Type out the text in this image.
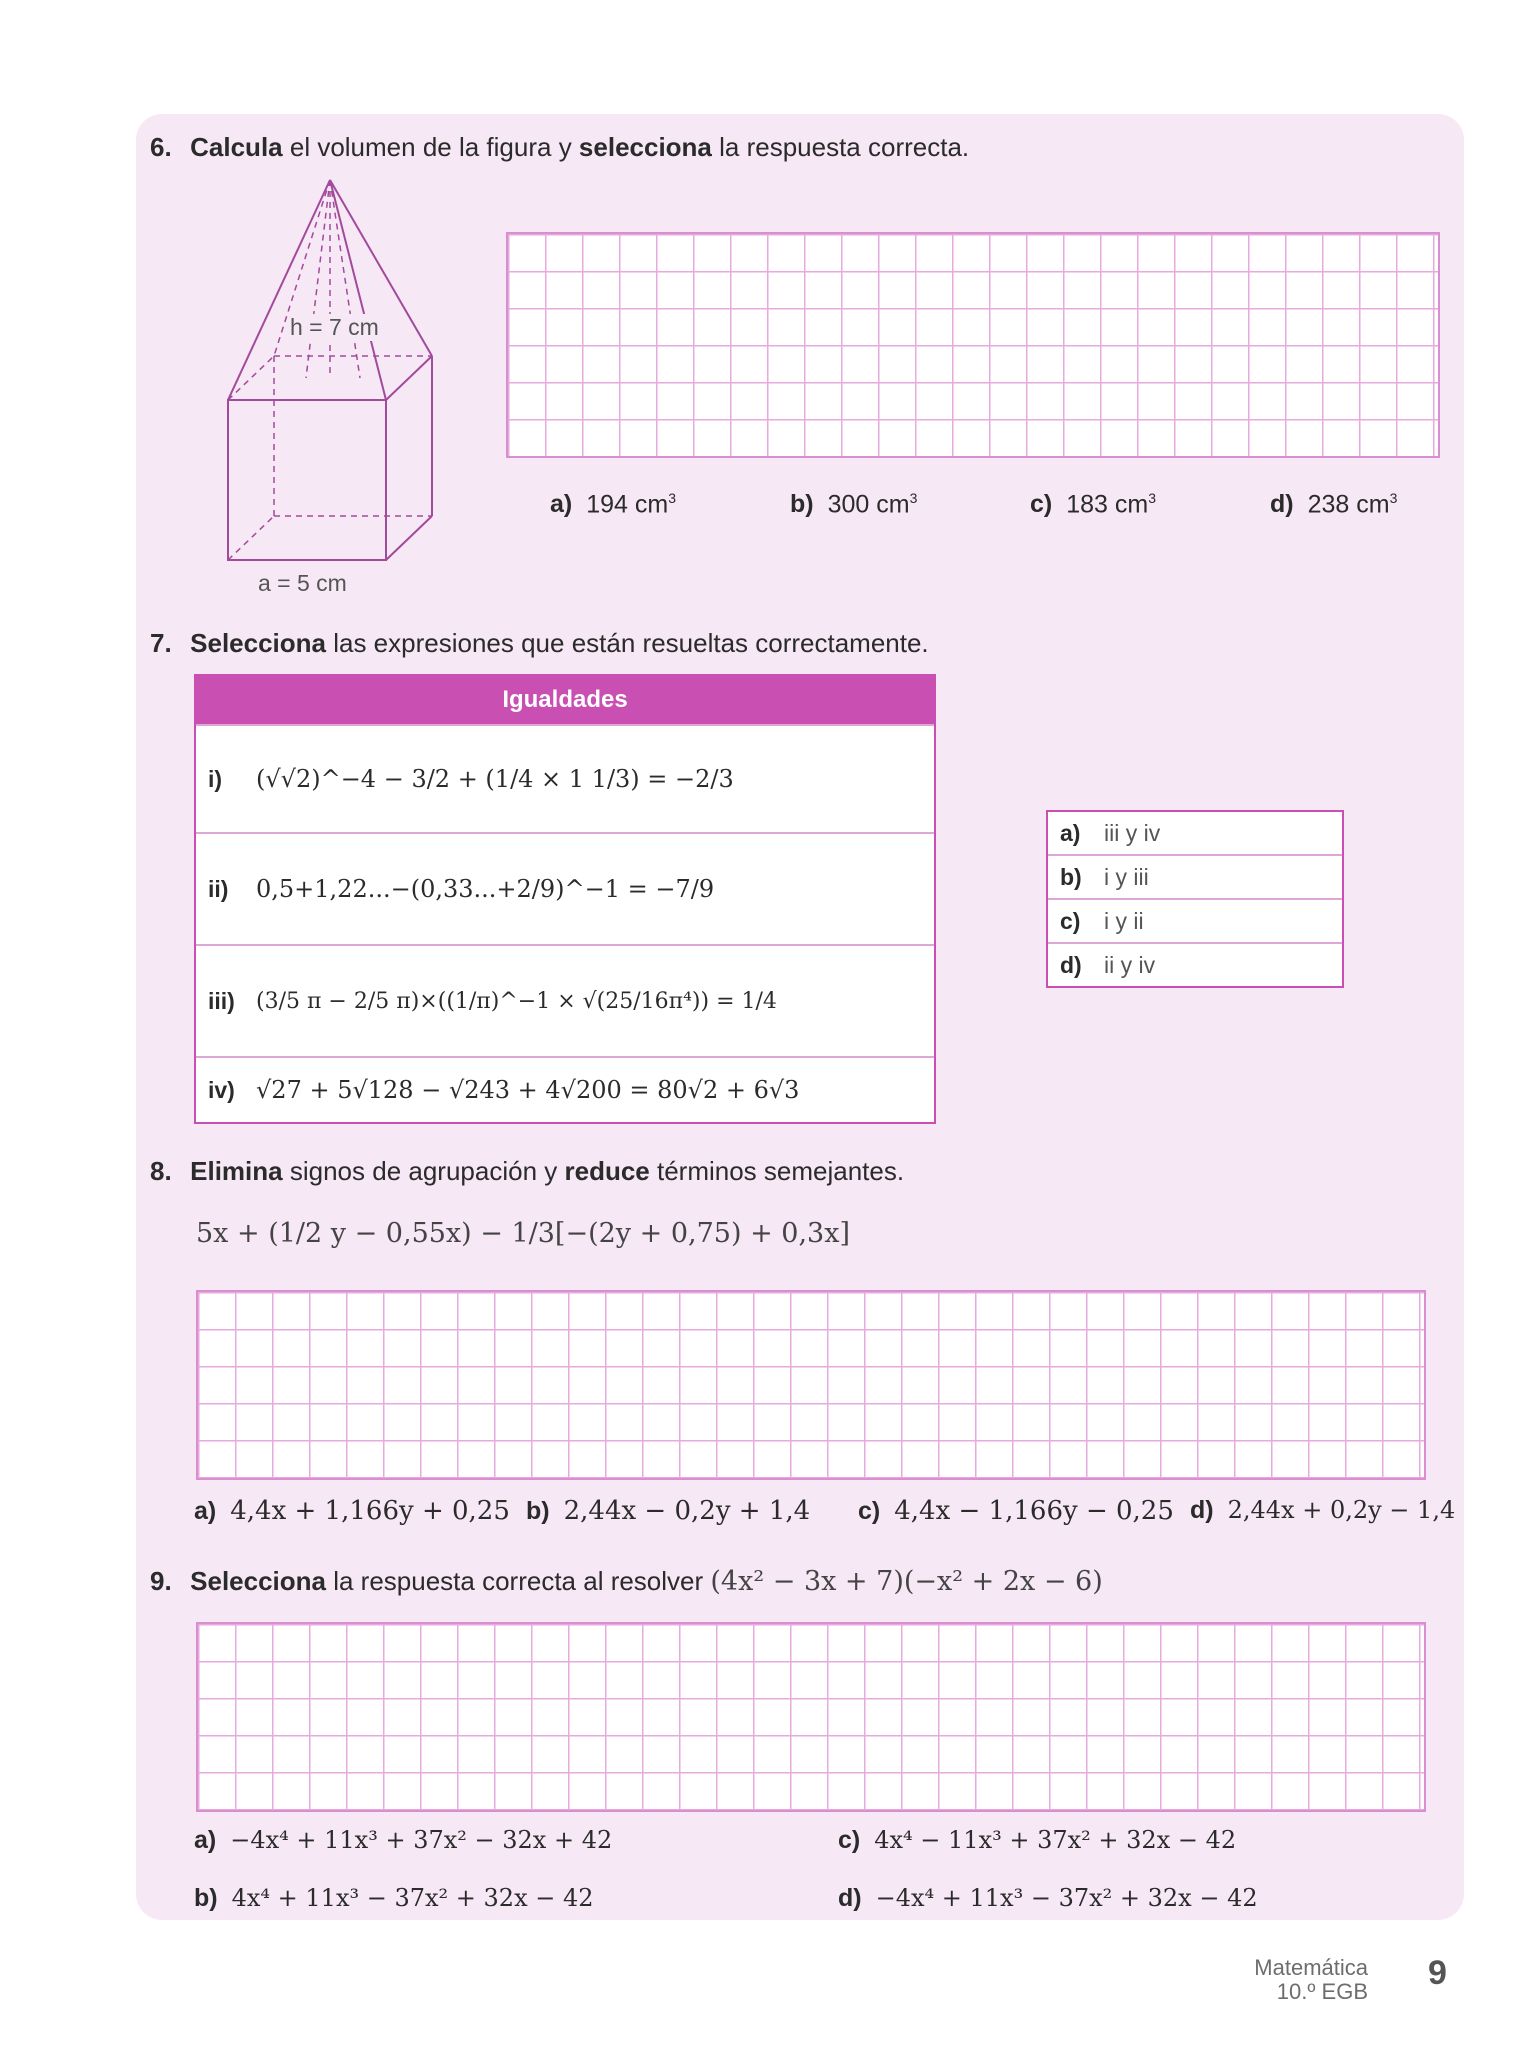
6. Calcula el volumen de la figura y selecciona la respuesta correcta.
h = 7 cm
a = 5 cm
a) 194 $cm^3$	b) 300 $cm^3$	c) 183 $cm^3$	d) 238 $cm^3$
7. Selecciona las expresiones que están resueltas correctamente.
Igualdades
i)	(√√2)^−4 − 3/2 + (1/4 × 1 1/3) = −2/3
ii)	0,5+1,22...−(0,33...+2/9)^−1 = −7/9
iii) (3/5 π − 2/5 π)×((1/π)^−1 × √(25/16π⁴)) = 1/4
iv) √27 + 5√128 − √243 + 4√200 = 80√2 + 6√3
a)	iii y iv
b) i y iii
c)	i y ii
d) ii y iv
8. Elimina signos de agrupación y reduce términos semejantes.
5x + (1/2 y − 0,55x) − 1/3[−(2y + 0,75) + 0,3x]
a) 4,4x + 1,166y + 0,25 b) 2,44x − 0,2y + 1,4 c) 4,4x − 1,166y − 0,25 d) 2,44x + 0,2y − 1,4
9. Selecciona la respuesta correcta al resolver (4x² − 3x + 7)(−x² + 2x − 6)
a) −4x⁴ + 11x³ + 37x² − 32x + 42
b) 4x⁴ + 11x³ − 37x² + 32x − 42
c) 4x⁴ − 11x³ + 37x² + 32x − 42
d) −4x⁴ + 11x³ − 37x² + 32x − 42
Matemática
10.º EGB 9
